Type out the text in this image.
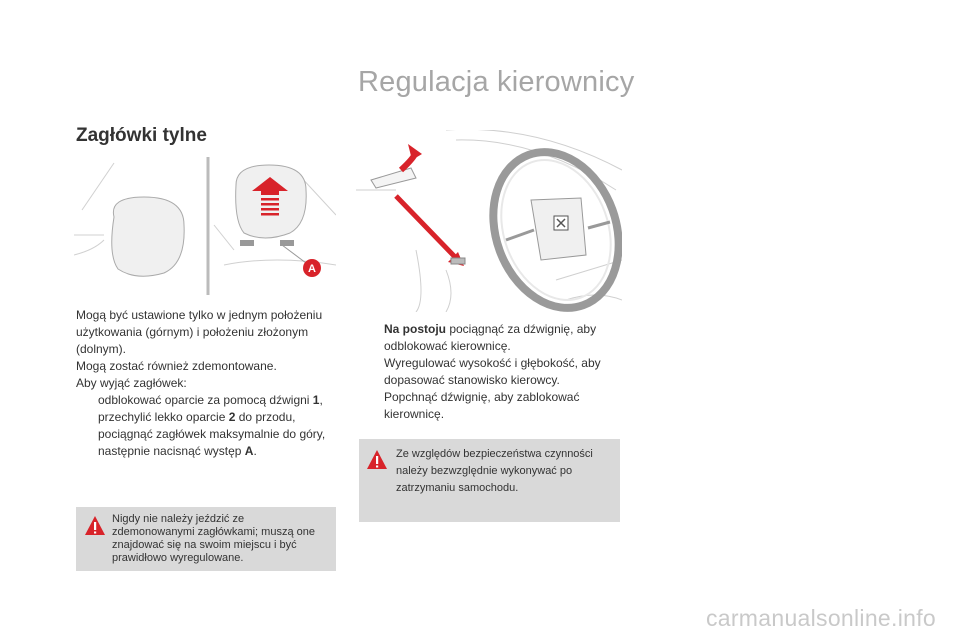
Regulacja kierownicy
Zagłówki tylne
A

Mogą być ustawione tylko w jednym położeniu użytkowania (górnym) i położeniu złożonym (dolnym).

Mogą zostać również zdemontowane.

Aby wyjąć zagłówek:

odblokować oparcie za pomocą dźwigni 1,
przechylić lekko oparcie 2 do przodu,
pociągnąć zagłówek maksymalnie do góry,
następnie nacisnąć występ A.
Na postoju pociągnąć za dźwignię, aby odblokować kierownicę.
Wyregulować wysokość i głębokość, aby dopasować stanowisko kierowcy.
Popchnąć dźwignię, aby zablokować kierownicę.
Ze względów bezpieczeństwa czynności należy bezwzględnie wykonywać po zatrzymaniu samochodu.
Nigdy nie należy jeździć ze zdemonowanymi zagłówkami; muszą one znajdować się na swoim miejscu i być prawidłowo wyregulowane.
carmanualsonline.info
